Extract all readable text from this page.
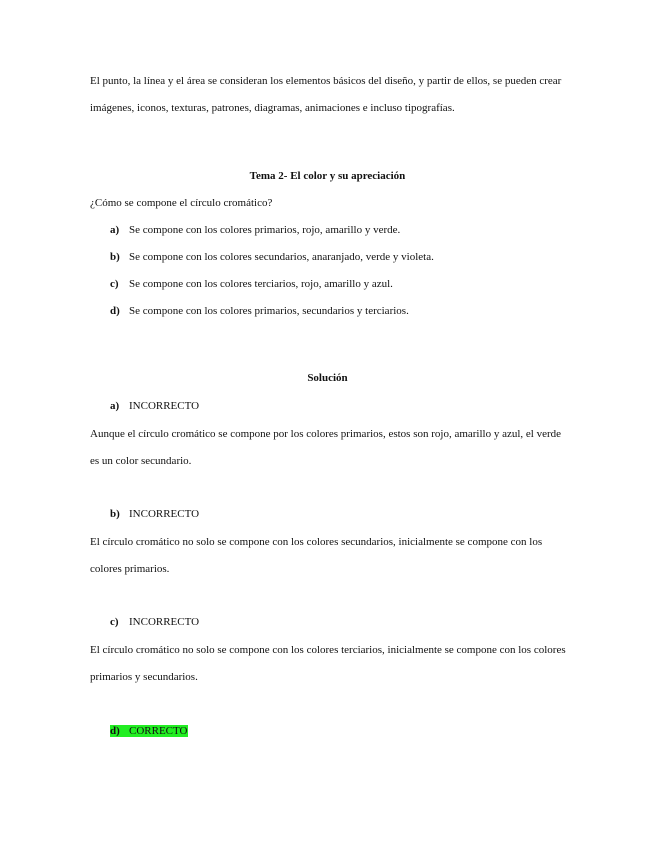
El punto, la línea y el área se consideran los elementos básicos del diseño, y partir de ellos, se pueden crear imágenes, iconos, texturas, patrones, diagramas, animaciones e incluso tipografías.

Tema 2- El color y su apreciación

¿Cómo se compone el círculo cromático?

a) Se compone con los colores primarios, rojo, amarillo y verde.

b) Se compone con los colores secundarios, anaranjado, verde y violeta.

c) Se compone con los colores terciarios, rojo, amarillo y azul.

d) Se compone con los colores primarios, secundarios y terciarios.

Solución

a) INCORRECTO

Aunque el círculo cromático se compone por los colores primarios, estos son rojo, amarillo y azul, el verde es un color secundario.

b) INCORRECTO

El círculo cromático no solo se compone con los colores secundarios, inicialmente se compone con los colores primarios.

c) INCORRECTO

El círculo cromático no solo se compone con los colores terciarios, inicialmente se compone con los colores primarios y secundarios.

d) CORRECTO
